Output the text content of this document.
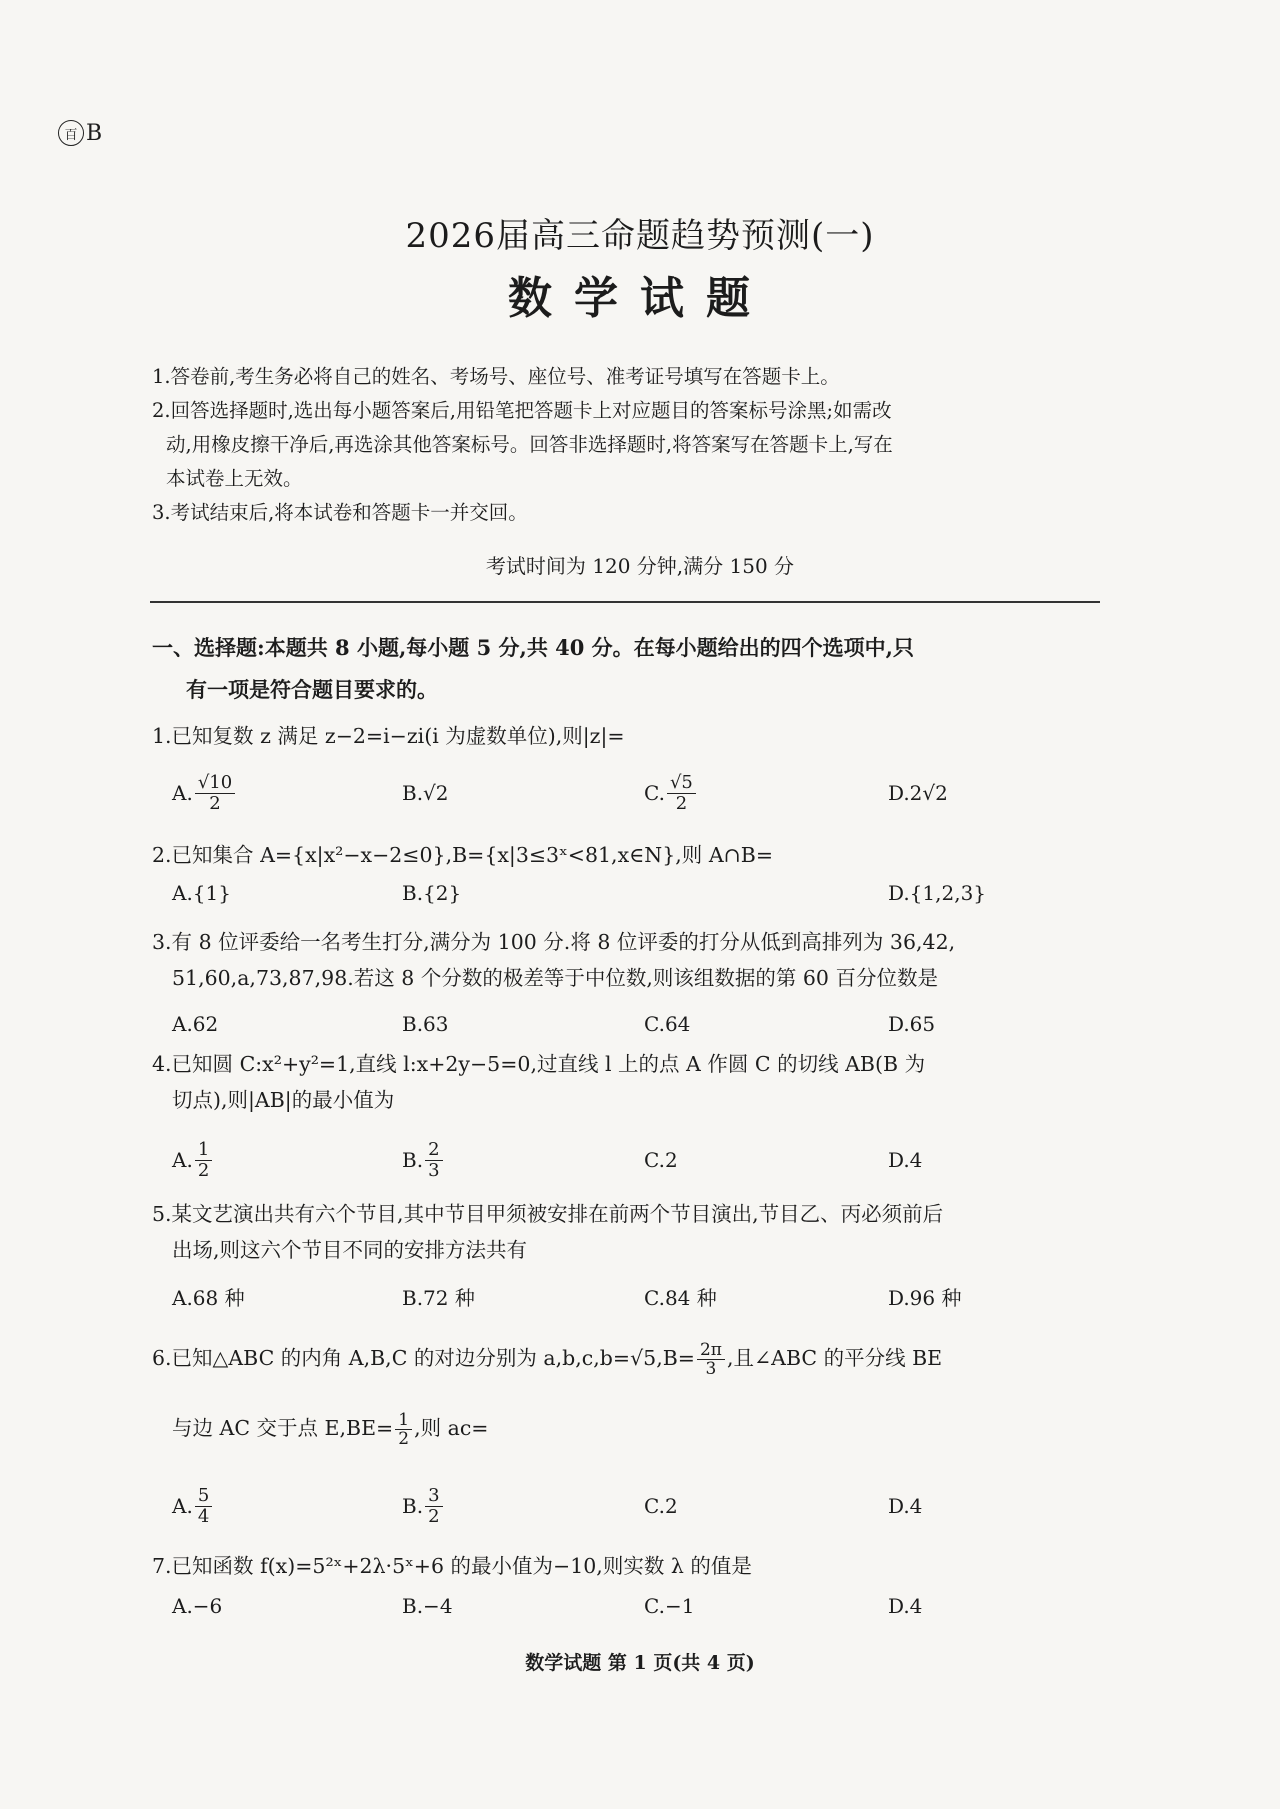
百 B
2026届高三命题趋势预测(一)
数学试题

1.答卷前,考生务必将自己的姓名、考场号、座位号、准考证号填写在答题卡上。

2.回答选择题时,选出每小题答案后,用铅笔把答题卡上对应题目的答案标号涂黑;如需改

动,用橡皮擦干净后,再选涂其他答案标号。回答非选择题时,将答案写在答题卡上,写在

本试卷上无效。

3.考试结束后,将本试卷和答题卡一并交回。

考试时间为 120 分钟,满分 150 分
一、选择题:本题共 8 小题,每小题 5 分,共 40 分。在每小题给出的四个选项中,只
有一项是符合题目要求的。
1.已知复数 z 满足 z−2=i−zi(i 为虚数单位),则|z|=
A. $\frac{√10}{2}$	B.√2	C. $\frac{√5}{2}$	D.2√2
2.已知集合 A={x|x²−x−2≤0},B={x|3≤3ˣ<81,x∈N},则 A∩B=
A.{1}	B.{2}	D.{1,2,3}
3.有 8 位评委给一名考生打分,满分为 100 分.将 8 位评委的打分从低到高排列为 36,42,
51,60,a,73,87,98.若这 8 个分数的极差等于中位数,则该组数据的第 60 百分位数是
A.62	B.63	C.64	D.65
4.已知圆 C:x²+y²=1,直线 l:x+2y−5=0,过直线 l 上的点 A 作圆 C 的切线 AB(B 为
切点),则|AB|的最小值为
A. $\frac{1}{2}$	B. $\frac{2}{3}$	C.2	D.4
5.某文艺演出共有六个节目,其中节目甲须被安排在前两个节目演出,节目乙、丙必须前后
出场,则这六个节目不同的安排方法共有
A.68 种	B.72 种	C.84 种	D.96 种
6.已知△ABC 的内角 A,B,C 的对边分别为 $a,b,c,b=√5,B= \frac{2\pi}{3}$ ,且∠ABC 的平分线 BE
与边 AC 交于点 $E,BE= \frac{1}{2}$ ,则 ac=
A. $\frac{5}{4}$	B. $\frac{3}{2}$	C.2	D.4
7.已知函数 f(x)=5²ˣ+2λ·5ˣ+6 的最小值为−10,则实数 λ 的值是
A.−6	B.−4	C.−1	D.4
数学试题 第 1 页(共 4 页)
